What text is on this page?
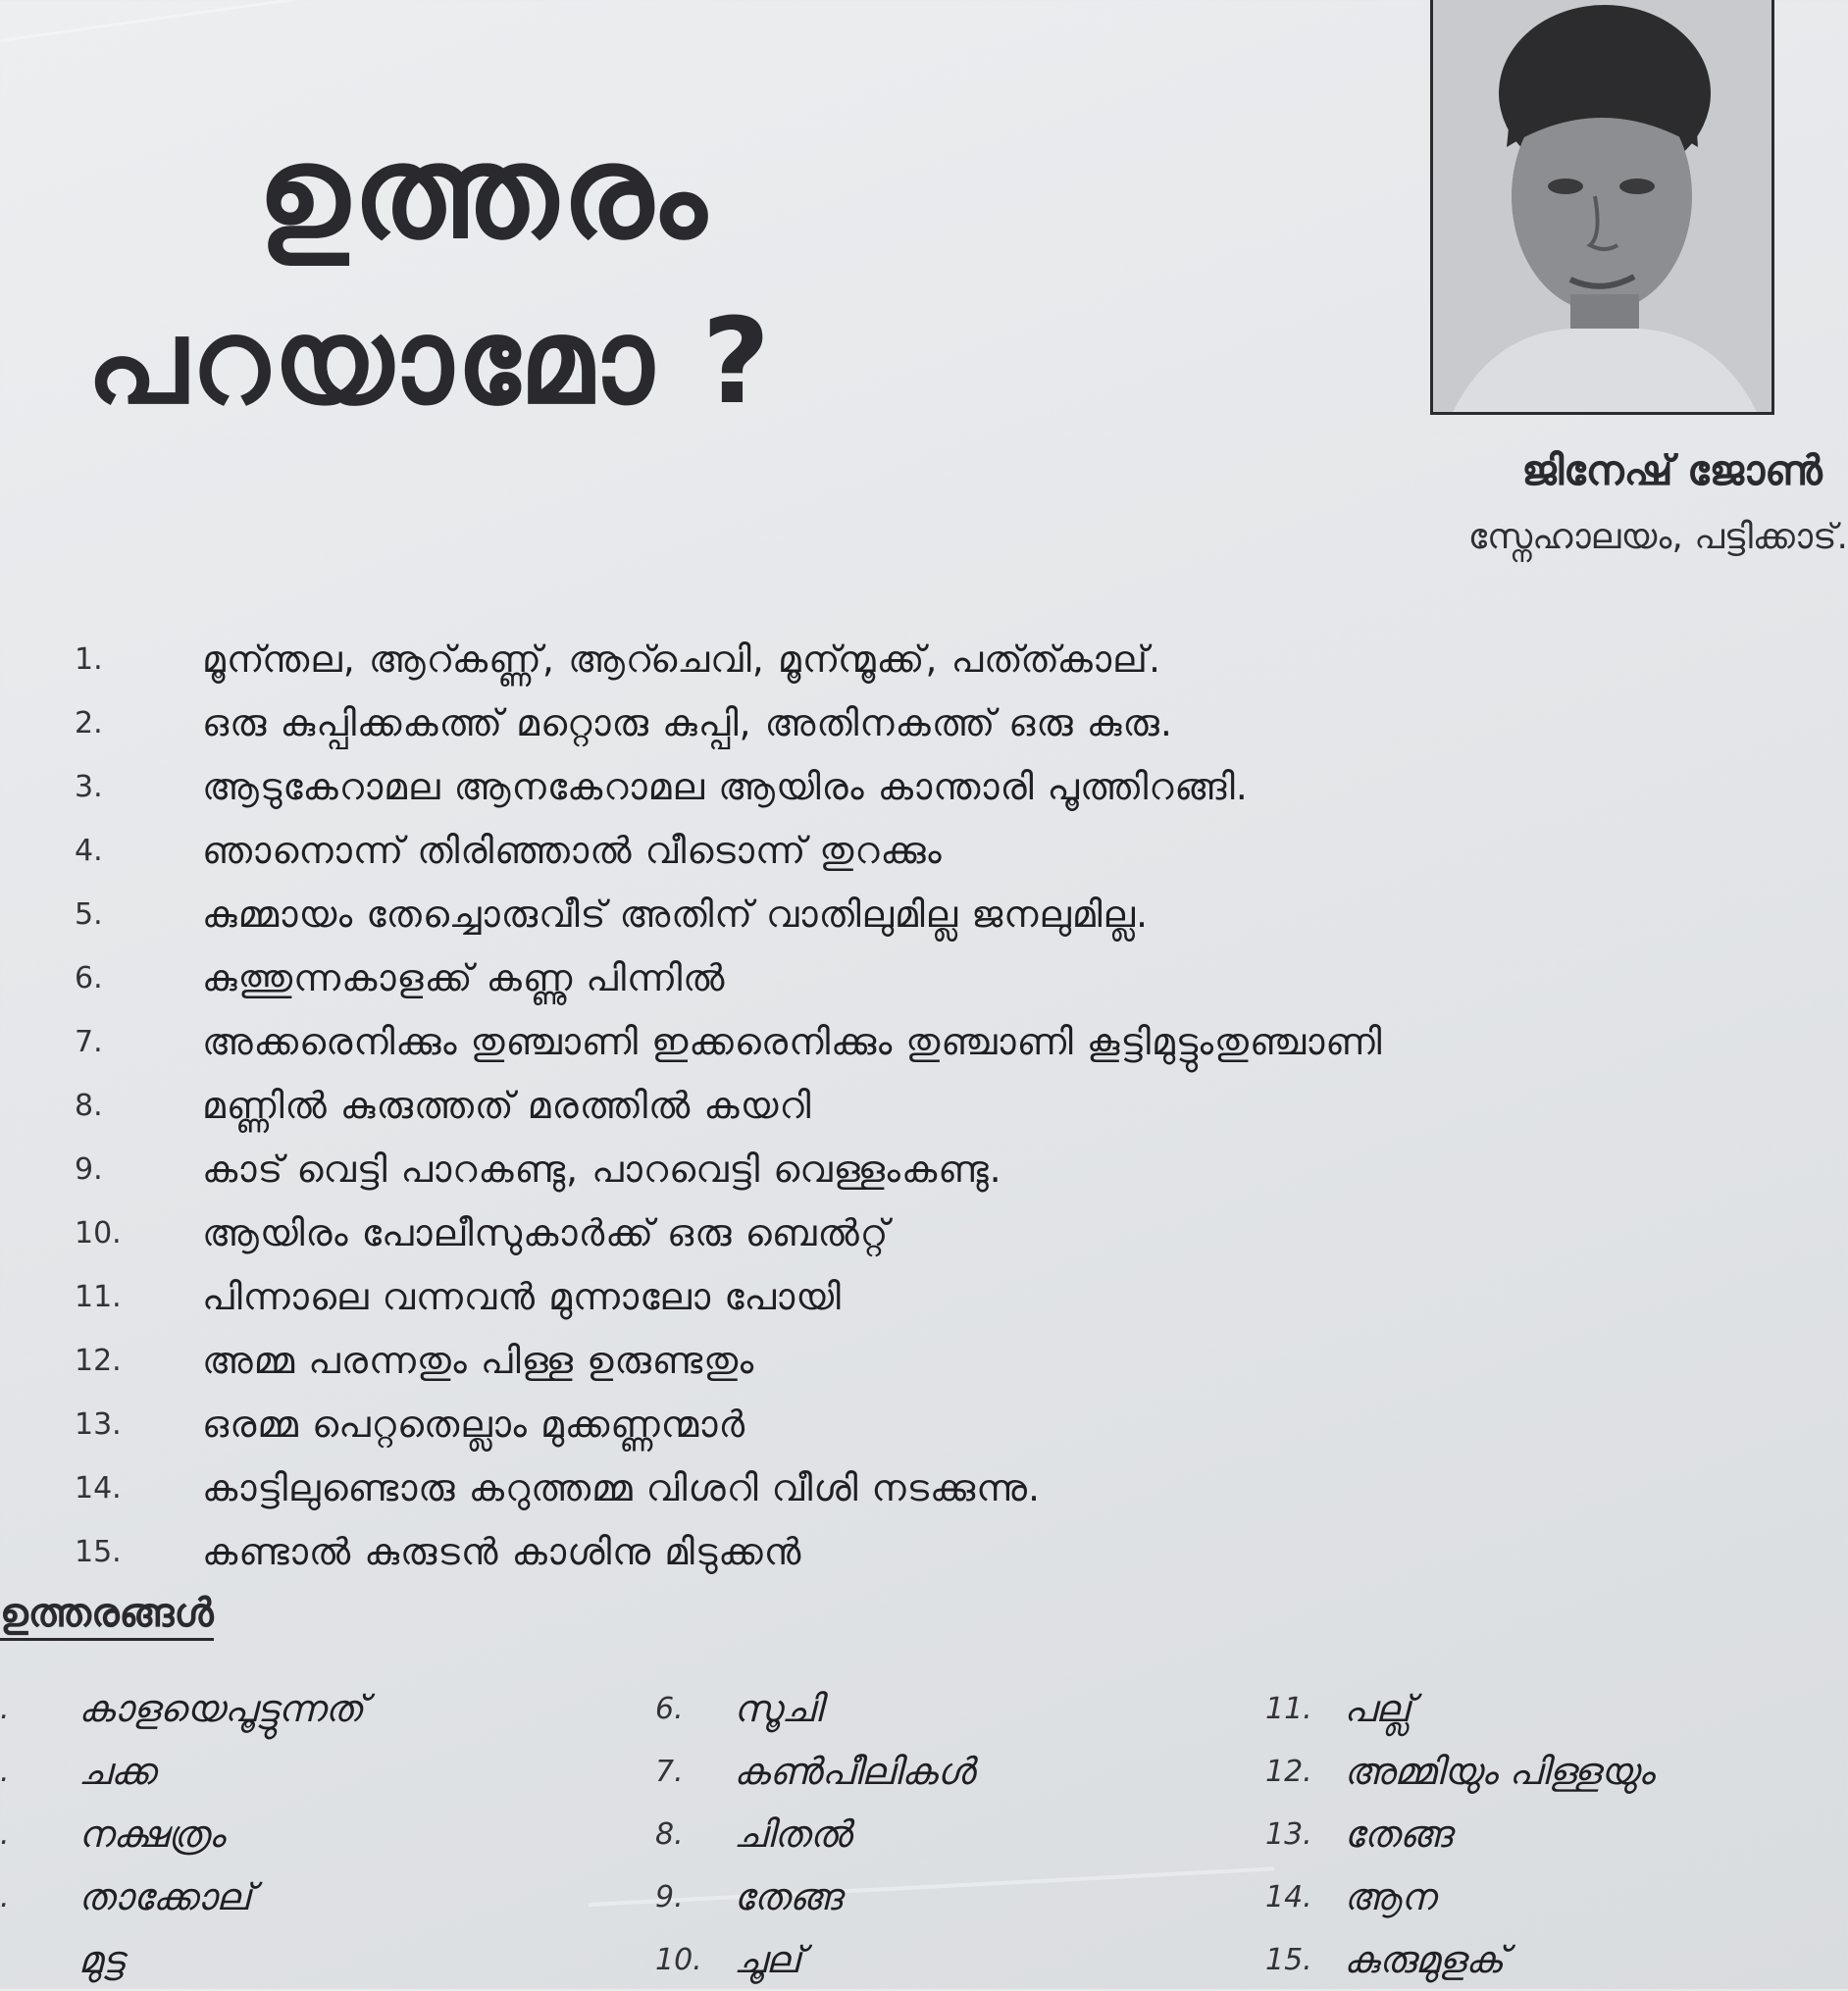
ഉത്തരം
പറയാമോ ?
ജിനേഷ് ജോൺ
സ്നേഹാലയം, പട്ടിക്കാട്.
1.	മൂന്ന്തല, ആറ്കണ്ണ്, ആറ്ചെവി, മൂന്ന്മൂക്ക്, പത്ത്കാല്.
2.	ഒരു കുപ്പിക്കകത്ത് മറ്റൊരു കുപ്പി, അതിനകത്ത് ഒരു കുരു.
3.	ആടുകേറാമല ആനകേറാമല ആയിരം കാന്താരി പൂത്തിറങ്ങി.
4.	ഞാനൊന്ന് തിരിഞ്ഞാൽ വീടൊന്ന് തുറക്കും
5.	കുമ്മായം തേച്ചൊരുവീട് അതിന് വാതിലുമില്ല ജനലുമില്ല.
6.	കുത്തുന്നകാളക്ക് കണ്ണു പിന്നിൽ
7.	അക്കരെനിക്കും തുഞ്ചാണി ഇക്കരെനിക്കും തുഞ്ചാണി കൂട്ടിമുട്ടുംതുഞ്ചാണി
8.	മണ്ണിൽ കുരുത്തത് മരത്തിൽ കയറി
9.	കാട് വെട്ടി പാറകണ്ടു, പാറവെട്ടി വെള്ളംകണ്ടു.
10.	ആയിരം പോലീസുകാർക്ക് ഒരു ബെൽറ്റ്
11.	പിന്നാലെ വന്നവൻ മുന്നാലോ പോയി
12.	അമ്മ പരന്നതും പിള്ള ഉരുണ്ടതും
13.	ഒരമ്മ പെറ്റതെല്ലാം മുക്കണ്ണന്മാർ
14.	കാട്ടിലുണ്ടൊരു കറുത്തമ്മ വിശറി വീശി നടക്കുന്നു.
15.	കണ്ടാൽ കുരുടൻ കാശിനു മിടുക്കൻ
ഉത്തരങ്ങൾ
.	കാളയെപൂട്ടുന്നത്
.	ചക്ക
.	നക്ഷത്രം
.	താക്കോല്
മുട്ട
6.	സൂചി
7.	കൺപീലികൾ
8.	ചിതൽ
9.	തേങ്ങ
10. ചൂല്
11. പല്ല്
12. അമ്മിയും പിള്ളയും
13. തേങ്ങ
14. ആന
15. കുരുമുളക്
